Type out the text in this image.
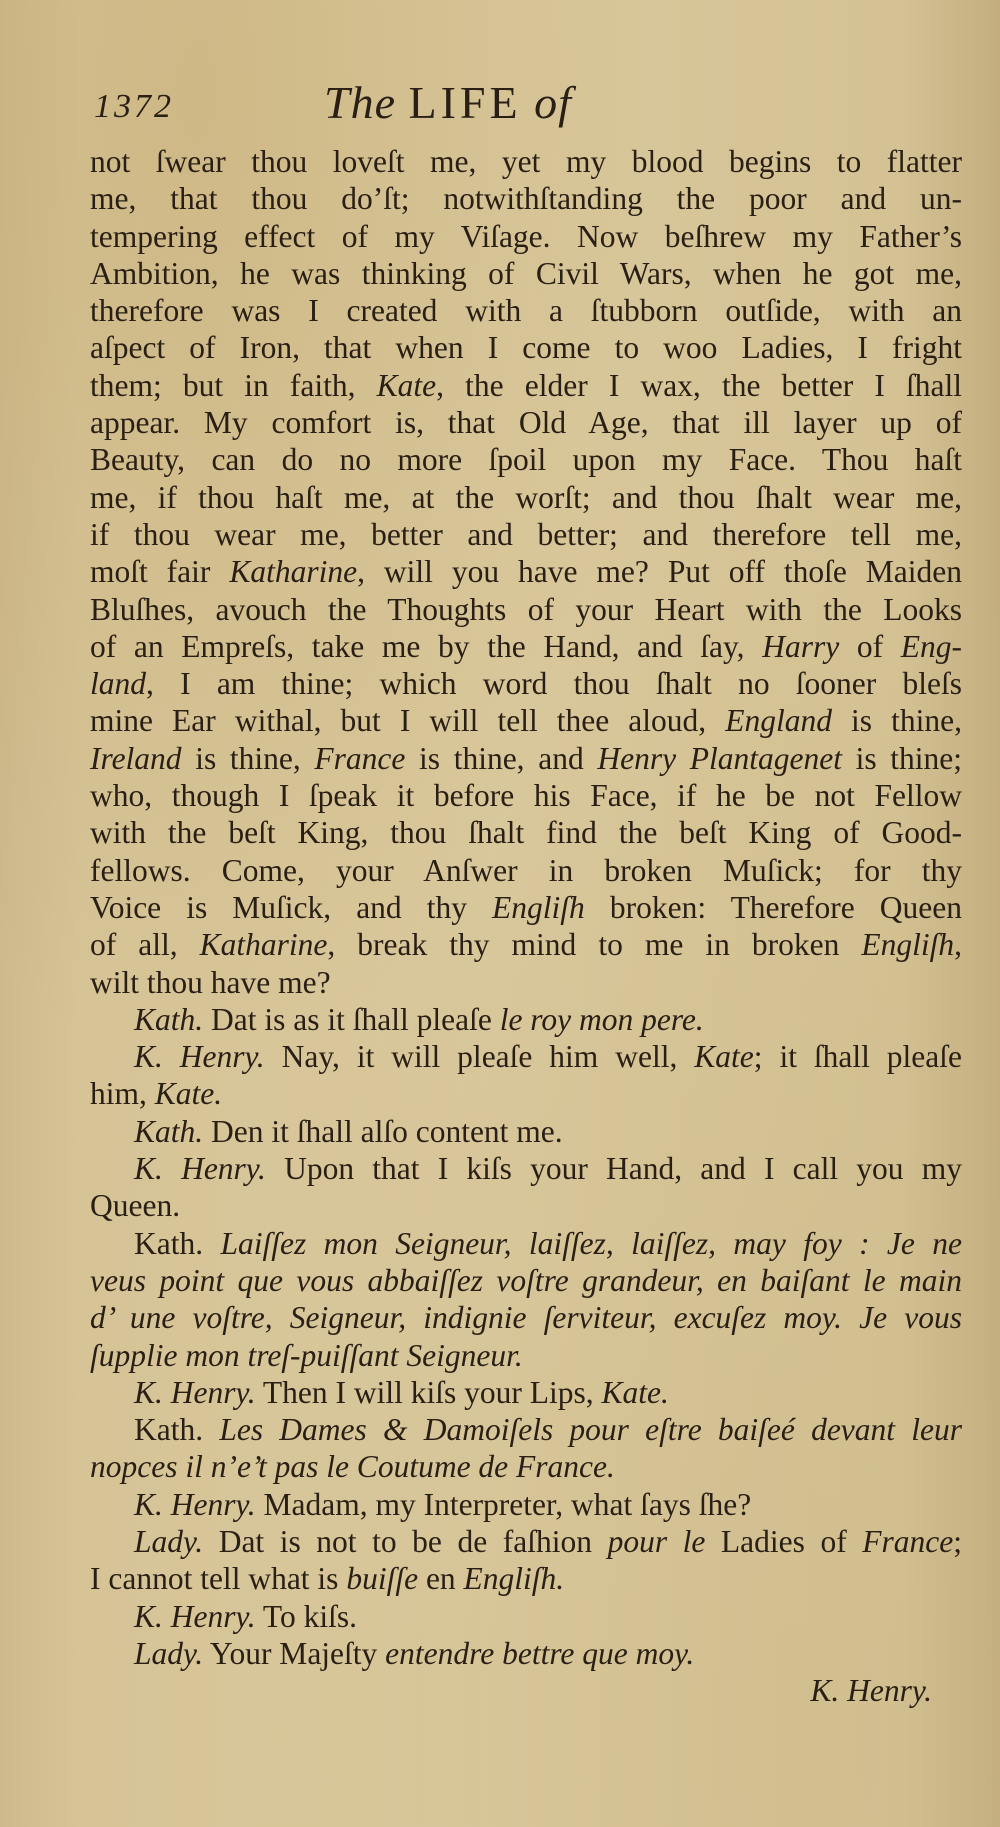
1372	The LIFE of
not ſwear thou loveſt me, yet my blood begins to flatter
me, that thou do’ſt; notwithſtanding the poor and un-
tempering effect of my Viſage. Now beſhrew my Father’s
Ambition, he was thinking of Civil Wars, when he got me,
therefore was I created with a ſtubborn outſide, with an
aſpect of Iron, that when I come to woo Ladies, I fright
them; but in faith, Kate, the elder I wax, the better I ſhall
appear. My comfort is, that Old Age, that ill layer up of
Beauty, can do no more ſpoil upon my Face. Thou haſt
me, if thou haſt me, at the worſt; and thou ſhalt wear me,
if thou wear me, better and better; and therefore tell me,
moſt fair Katharine, will you have me? Put off thoſe Maiden
Bluſhes, avouch the Thoughts of your Heart with the Looks
of an Empreſs, take me by the Hand, and ſay, Harry of Eng-
land, I am thine; which word thou ſhalt no ſooner bleſs
mine Ear withal, but I will tell thee aloud, England is thine,
Ireland is thine, France is thine, and Henry Plantagenet is thine;
who, though I ſpeak it before his Face, if he be not Fellow
with the beſt King, thou ſhalt find the beſt King of Good-
fellows. Come, your Anſwer in broken Muſick; for thy
Voice is Muſick, and thy Engliſh broken: Therefore Queen
of all, Katharine, break thy mind to me in broken Engliſh,
wilt thou have me?
Kath. Dat is as it ſhall pleaſe le roy mon pere.
K. Henry. Nay, it will pleaſe him well, Kate; it ſhall pleaſe
him, Kate.
Kath. Den it ſhall alſo content me.
K. Henry. Upon that I kiſs your Hand, and I call you my
Queen.
Kath. Laiſſez mon Seigneur, laiſſez, laiſſez, may foy : Je ne
veus point que vous abbaiſſez voſtre grandeur, en baiſant le main
d’ une voſtre, Seigneur, indignie ſerviteur, excuſez moy. Je vous
ſupplie mon treſ-puiſſant Seigneur.
K. Henry. Then I will kiſs your Lips, Kate.
Kath. Les Dames & Damoiſels pour eſtre baiſeé devant leur
nopces il n’e’t pas le Coutume de France.
K. Henry. Madam, my Interpreter, what ſays ſhe?
Lady. Dat is not to be de faſhion pour le Ladies of France;
I cannot tell what is buiſſe en Engliſh.
K. Henry. To kiſs.
Lady. Your Majeſty entendre bettre que moy.
K. Henry.
